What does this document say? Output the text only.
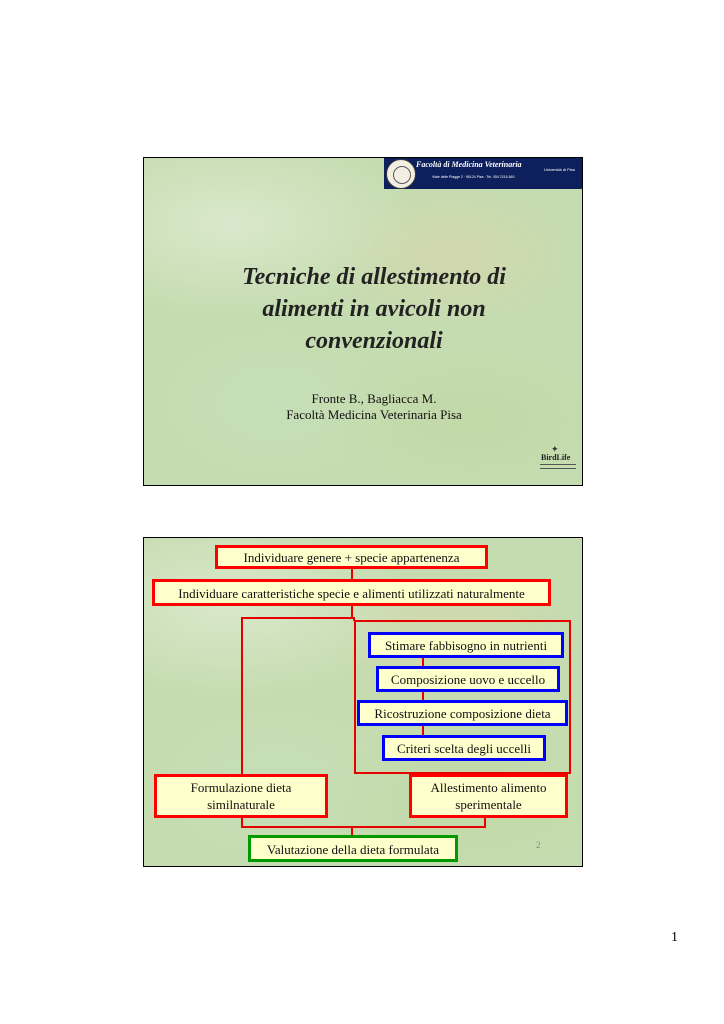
Facoltà di Medicina Veterinaria
Università di Pisa
Viale delle Piagge 2 · 56124 Pisa · Tel. 050 2216-840
Tecniche di allestimento di
alimenti in avicoli non
convenzionali
Fronte B., Bagliacca M.
Facoltà Medicina Veterinaria Pisa
✦
BirdLife
Individuare genere + specie appartenenza
Individuare caratteristiche specie e alimenti utilizzati naturalmente
Stimare fabbisogno in nutrienti
Composizione uovo e uccello
Ricostruzione composizione dieta
Criteri scelta degli uccelli
Formulazione dieta
similnaturale
Allestimento alimento
sperimentale
Valutazione della dieta formulata	2
1
